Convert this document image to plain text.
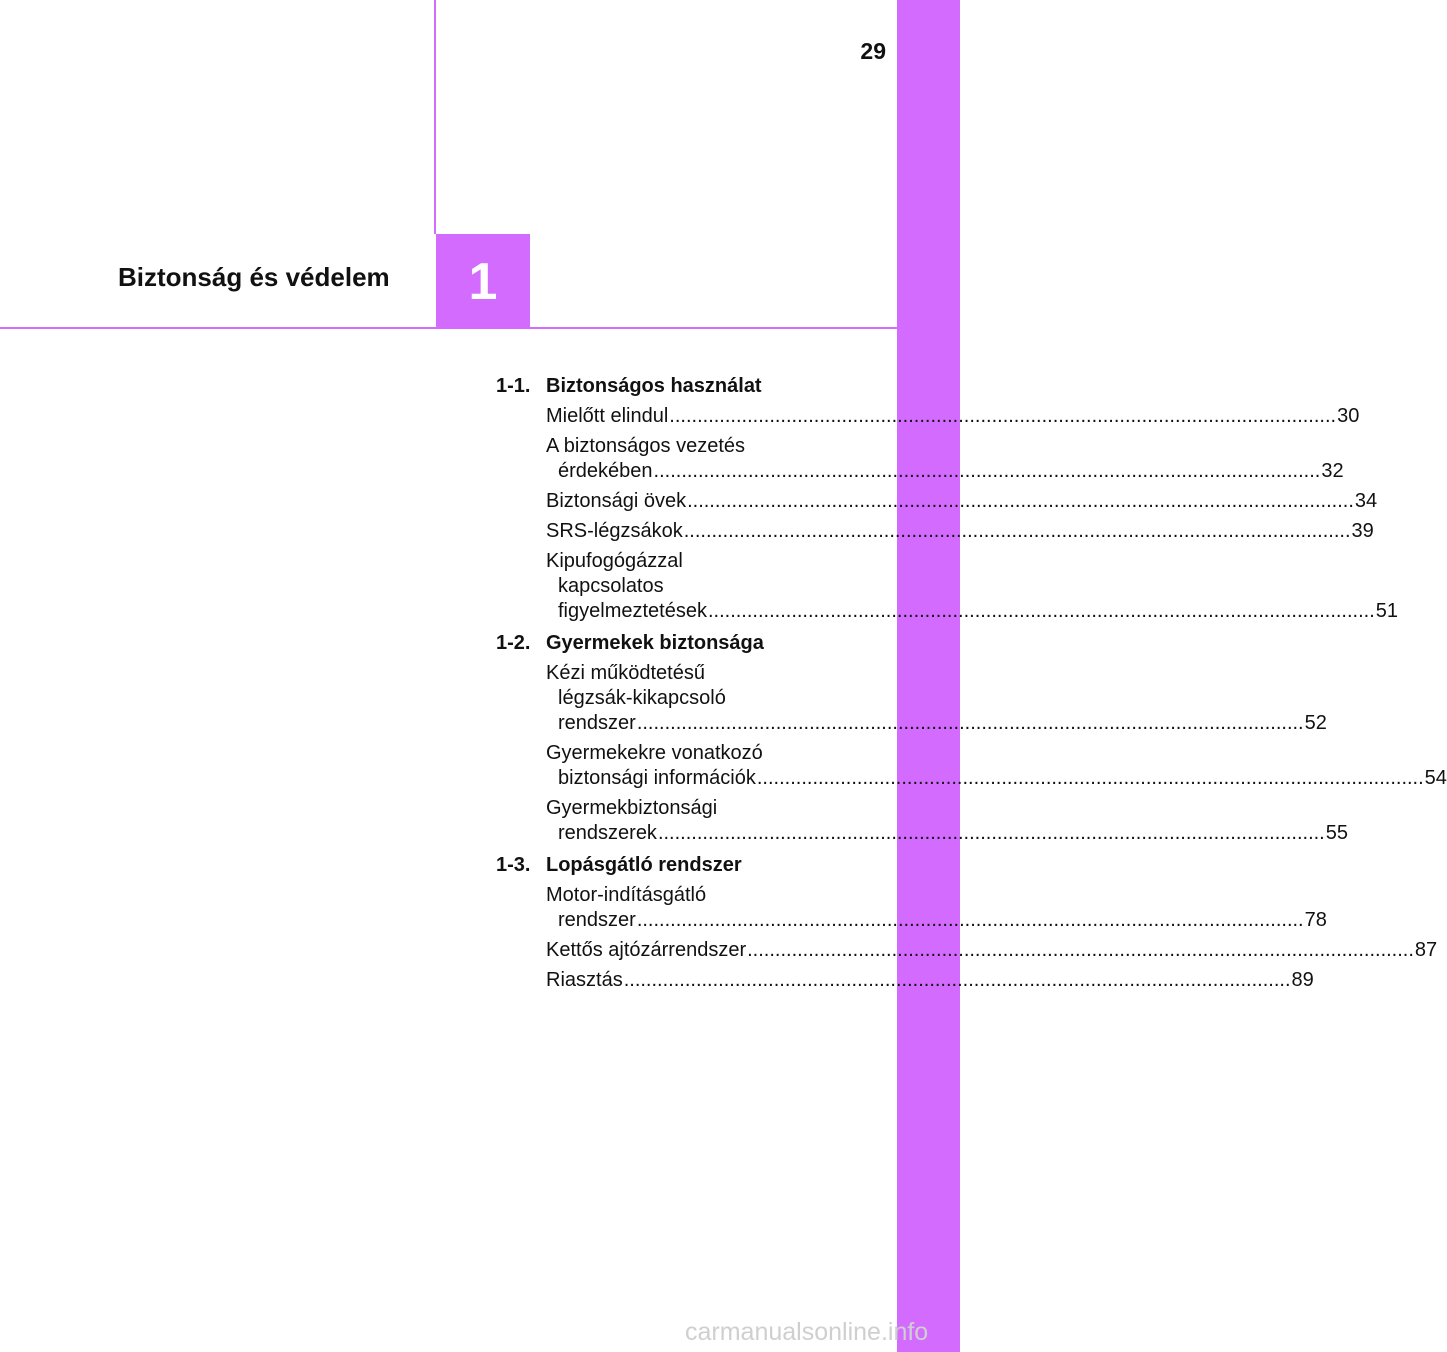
29
1
Biztonság és védelem
1-1. Biztonságos használat
Mielőtt elindul ........................................................................................................................ 30
A biztonságos vezetés
érdekében ........................................................................................................................ 32
Biztonsági övek ........................................................................................................................ 34
SRS-légzsákok ........................................................................................................................ 39
Kipufogógázzal
kapcsolatos
figyelmeztetések ........................................................................................................................ 51
1-2. Gyermekek biztonsága
Kézi működtetésű
légzsák-kikapcsoló
rendszer ........................................................................................................................ 52
Gyermekekre vonatkozó
biztonsági információk ........................................................................................................................ 54
Gyermekbiztonsági
rendszerek ........................................................................................................................ 55
1-3. Lopásgátló rendszer
Motor-indításgátló
rendszer ........................................................................................................................ 78
Kettős ajtózárrendszer ........................................................................................................................ 87
Riasztás ........................................................................................................................ 89
carmanualsonline.info
